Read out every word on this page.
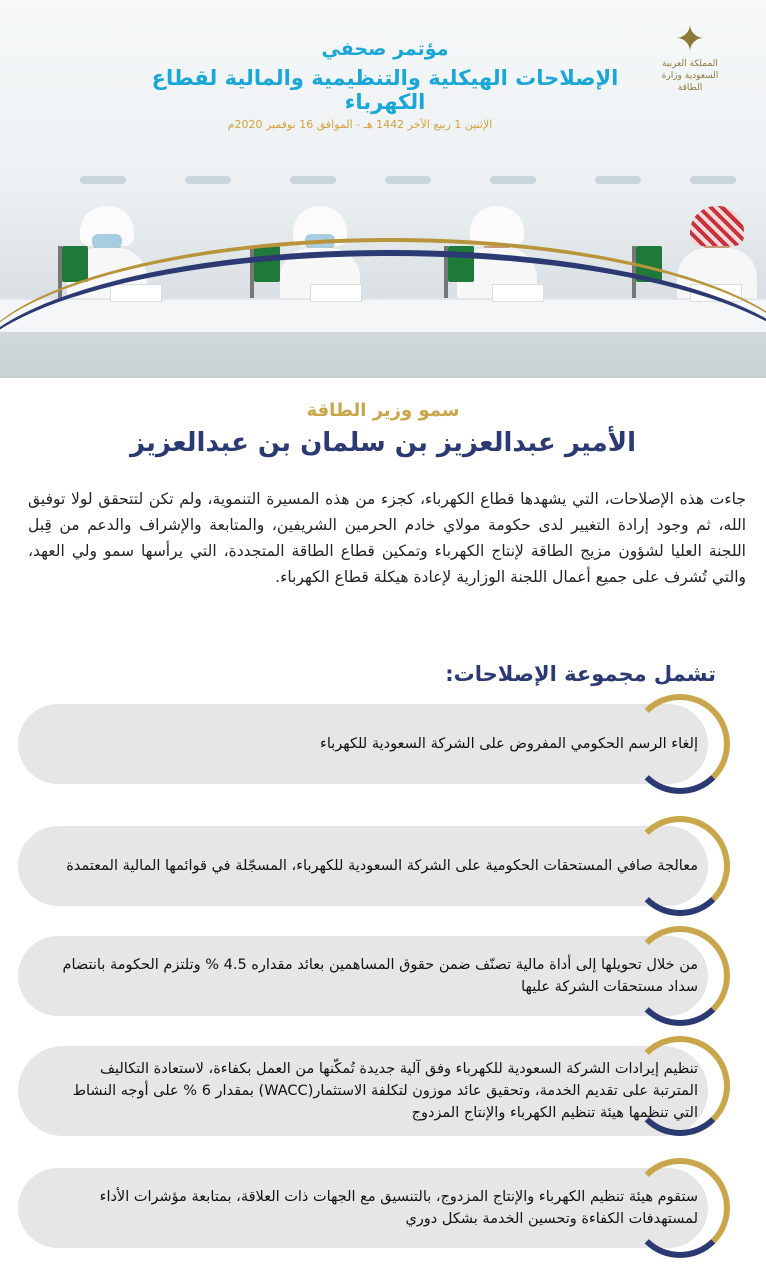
✦
المملكة العربية السعودية وزارة الطاقة
مؤتمر صحفي
الإصلاحات الهيكلية والتنظيمية والمالية لقطاع الكهرباء
الإثنين 1 ربيع الآخر 1442 هـ - الموافق 16 نوفمبر 2020م
سمو وزير الطاقة
الأمير عبدالعزيز بن سلمان بن عبدالعزيز
جاءت هذه الإصلاحات، التي يشهدها قطاع الكهرباء، كجزء من هذه المسيرة التنموية، ولم تكن لتتحقق لولا توفيق الله، ثم وجود إرادة التغيير لدى حكومة مولاي خادم الحرمين الشريفين، والمتابعة والإشراف والدعم من قِبل اللجنة العليا لشؤون مزيج الطاقة لإنتاج الكهرباء وتمكين قطاع الطاقة المتجددة، التي يرأسها سمو ولي العهد، والتي تُشرف على جميع أعمال اللجنة الوزارية لإعادة هيكلة قطاع الكهرباء.
تشمل مجموعة الإصلاحات:
إلغاء الرسم الحكومي المفروض على الشركة السعودية للكهرباء
معالجة صافي المستحقات الحكومية على الشركة السعودية للكهرباء، المسجّلة في قوائمها المالية المعتمدة
من خلال تحويلها إلى أداة مالية تصنّف ضمن حقوق المساهمين بعائد مقداره 4.5 % وتلتزم الحكومة بانتضام سداد مستحقات الشركة عليها
تنظيم إيرادات الشركة السعودية للكهرباء وفق آلية جديدة تُمكّنها من العمل بكفاءة، لاستعادة التكاليف المترتبة على تقديم الخدمة، وتحقيق عائد موزون لتكلفة الاستثمار(WACC) بمقدار 6 % على أوجه النشاط التي تنظمها هيئة تنظيم الكهرباء والإنتاج المزدوج
ستقوم هيئة تنظيم الكهرباء والإنتاج المزدوج، بالتنسيق مع الجهات ذات العلاقة، بمتابعة مؤشرات الأداء لمستهدفات الكفاءة وتحسين الخدمة بشكل دوري
